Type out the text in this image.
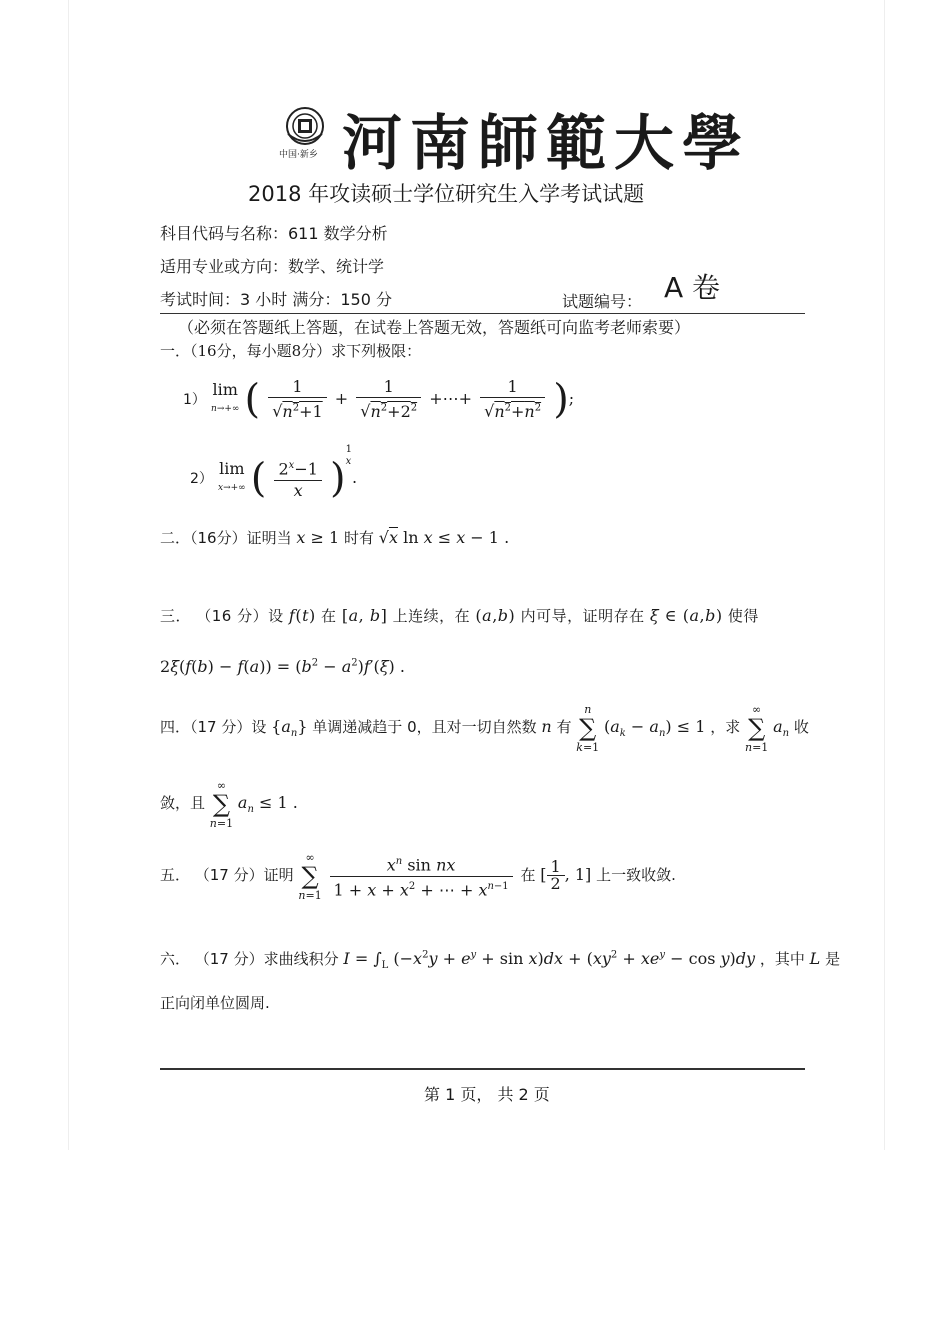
中国·新乡 河南師範大學
2018 年攻读硕士学位研究生入学考试试题
科目代码与名称：611 数学分析
适用专业或方向：数学、统计学
考试时间：3 小时 满分：150 分	试题编号： A 卷
（必须在答题纸上答题，在试卷上答题无效，答题纸可向监考老师索要）
一．（16分，每小题8分）求下列极限：
1） lim
n→+∞ ( $\frac{1}{√n^2+1} + \frac{1}{√n^2+2^2}$ +⋯+ $\frac{1}{√n^2+n^2}$ );
2） lim
x→+∞ ( $\frac{2^x-1}{x} )1$
x.
二．（16分）证明当 x ≥ 1 时有 √x ln x ≤ x − 1 .
三． （16 分）设 f(t) 在 [a, b] 上连续，在 (a,b) 内可导，证明存在 ξ ∈ (a,b) 使得
$2\xi(f(b) - f(a)) = (b^2 - a^2)f'(\xi)$ .
四．（17 分）设 $\{a_n\}$ 单调递减趋于 0，且对一切自然数 n 有 n
∑
k=1 $(a_k - a_n) \le 1$ ，求 ∞
∑
n=1 $a_n$ 收
敛，且 ∞
∑
n=1 $a_n \le 1$ .
五． （17 分）证明 ∞
∑
$n=1 \frac{x^n \sin nx}{1 + x + x^2 + \cdots + x^{n-1}}$ 在 [ $\frac{1}{2}$ , 1] 上一致收敛.
六． （17 分）求曲线积分 $I = \int_L$ $(-x^2y + e^y + \sin x)dx + (xy^2 + xe^y - \cos y)dy$ ，其中 L 是
正向闭单位圆周.
第 1 页， 共 2 页
